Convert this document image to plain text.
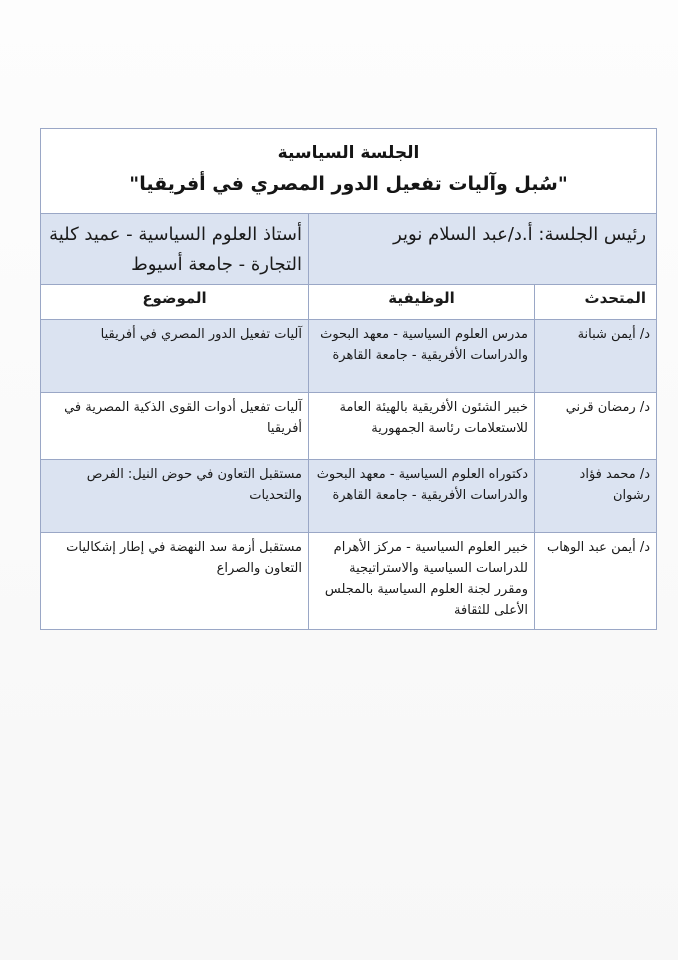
الجلسة السياسية
"سُبل وآليات تفعيل الدور المصري في أفريقيا"		

رئيس الجلسة: أ.د/عبد السلام نوير		أستاذ العلوم السياسية - عميد كلية التجارة - جامعة أسيوط

المتحدث	الوظيفية	الموضوع

د/ أيمن شبانة	مدرس العلوم السياسية - معهد البحوث والدراسات الأفريقية - جامعة القاهرة	آليات تفعيل الدور المصري في أفريقيا

د/ رمضان قرني	خبير الشئون الأفريقية بالهيئة العامة للاستعلامات رئاسة الجمهورية	آليات تفعيل أدوات القوى الذكية المصرية في أفريقيا

د/ محمد فؤاد رشوان	دكتوراه العلوم السياسية - معهد البحوث والدراسات الأفريقية - جامعة القاهرة	مستقبل التعاون في حوض النيل: الفرص والتحديات

د/ أيمن عبد الوهاب	خبير العلوم السياسية - مركز الأهرام للدراسات السياسية والاستراتيجية ومقرر لجنة العلوم السياسية بالمجلس الأعلى للثقافة	مستقبل أزمة سد النهضة في إطار إشكاليات التعاون والصراع
